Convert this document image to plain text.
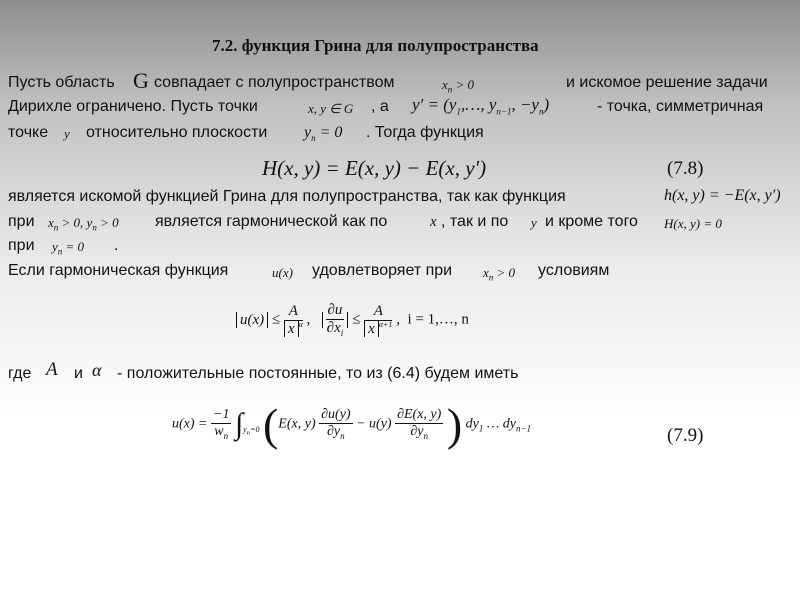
7.2. функция Грина для полупространства
Пусть область G совпадает с полупространством	$x_n > 0$	и искомое решение задачи
Дирихле ограничено. Пусть точки	x, y ∈ G , а $y' = (y_1,\dots$, $y_{n-1}$, $-y_n$)	- точка, симметричная
точке y относительно плоскости $y_n = 0$ . Тогда функция
H(x, y) = E(x, y) − E(x, y′)	(7.8)
является искомой функцией Грина для полупространства, так как функция	h(x, y) = −E(x, y′)
при $x_n > 0$, $y_n > 0$ является гармонической как по	x , так и по y и кроме того H(x, y) = 0
при $y_n = 0$ .
Если гармоническая функция	u(x) удовлетворяет при $x_n > 0$ условиям
$u(x) \le \frac{A}{x ^\alpha}$ , $\frac{\partial u}{\partial x_i} \le \frac{A}{x ^{\alpha+1}}$ ,  i = 1,…, n
где A и α - положительные постоянные, то из (6.4) будем иметь
$u(x) = \frac{-1}{w_n} \int_{y_n=0}$ (E(x, $y) \frac{\partial u(y)}{\partial y_n} - u(y) \frac{\partial E(x, y)}{\partial y_n}$ ) $dy_1$ … $dy_{n-1}$	(7.9)
